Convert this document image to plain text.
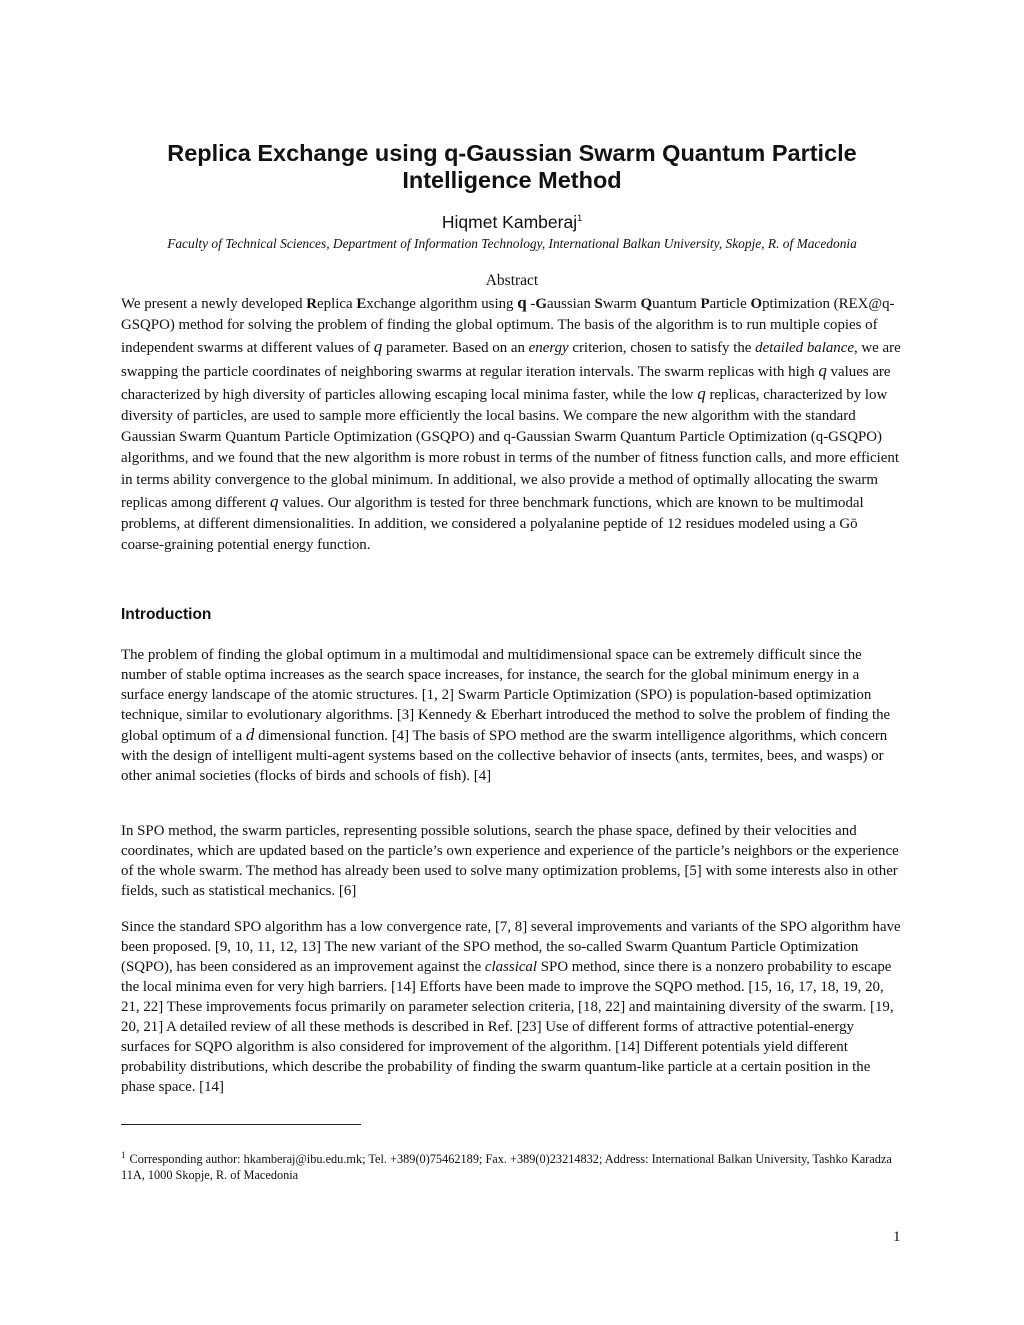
Replica Exchange using q-Gaussian Swarm Quantum Particle Intelligence Method
Hiqmet Kamberaj$^1$
Faculty of Technical Sciences, Department of Information Technology, International Balkan University, Skopje, R. of Macedonia
Abstract
We present a newly developed Replica Exchange algorithm using q -Gaussian Swarm Quantum Particle Optimization (REX@q-GSQPO) method for solving the problem of finding the global optimum. The basis of the algorithm is to run multiple copies of independent swarms at different values of q parameter. Based on an energy criterion, chosen to satisfy the detailed balance, we are swapping the particle coordinates of neighboring swarms at regular iteration intervals. The swarm replicas with high q values are characterized by high diversity of particles allowing escaping local minima faster, while the low q replicas, characterized by low diversity of particles, are used to sample more efficiently the local basins. We compare the new algorithm with the standard Gaussian Swarm Quantum Particle Optimization (GSQPO) and q-Gaussian Swarm Quantum Particle Optimization (q-GSQPO) algorithms, and we found that the new algorithm is more robust in terms of the number of fitness function calls, and more efficient in terms ability convergence to the global minimum. In additional, we also provide a method of optimally allocating the swarm replicas among different q values. Our algorithm is tested for three benchmark functions, which are known to be multimodal problems, at different dimensionalities. In addition, we considered a polyalanine peptide of 12 residues modeled using a Gō coarse-graining potential energy function.
Introduction
The problem of finding the global optimum in a multimodal and multidimensional space can be extremely difficult since the number of stable optima increases as the search space increases, for instance, the search for the global minimum energy in a surface energy landscape of the atomic structures. [1, 2] Swarm Particle Optimization (SPO) is population-based optimization technique, similar to evolutionary algorithms. [3] Kennedy & Eberhart introduced the method to solve the problem of finding the global optimum of a d dimensional function. [4] The basis of SPO method are the swarm intelligence algorithms, which concern with the design of intelligent multi-agent systems based on the collective behavior of insects (ants, termites, bees, and wasps) or other animal societies (flocks of birds and schools of fish). [4]
In SPO method, the swarm particles, representing possible solutions, search the phase space, defined by their velocities and coordinates, which are updated based on the particle’s own experience and experience of the particle’s neighbors or the experience of the whole swarm. The method has already been used to solve many optimization problems, [5] with some interests also in other fields, such as statistical mechanics. [6]
Since the standard SPO algorithm has a low convergence rate, [7, 8] several improvements and variants of the SPO algorithm have been proposed. [9, 10, 11, 12, 13] The new variant of the SPO method, the so-called Swarm Quantum Particle Optimization (SQPO), has been considered as an improvement against the classical SPO method, since there is a nonzero probability to escape the local minima even for very high barriers. [14] Efforts have been made to improve the SQPO method. [15, 16, 17, 18, 19, 20, 21, 22] These improvements focus primarily on parameter selection criteria, [18, 22] and maintaining diversity of the swarm. [19, 20, 21] A detailed review of all these methods is described in Ref. [23] Use of different forms of attractive potential-energy surfaces for SQPO algorithm is also considered for improvement of the algorithm. [14] Different potentials yield different probability distributions, which describe the probability of finding the swarm quantum-like particle at a certain position in the phase space. [14]
$^1$ Corresponding author: hkamberaj@ibu.edu.mk; Tel. +389(0)75462189; Fax. +389(0)23214832; Address: International Balkan University, Tashko Karadza 11A, 1000 Skopje, R. of Macedonia
1
